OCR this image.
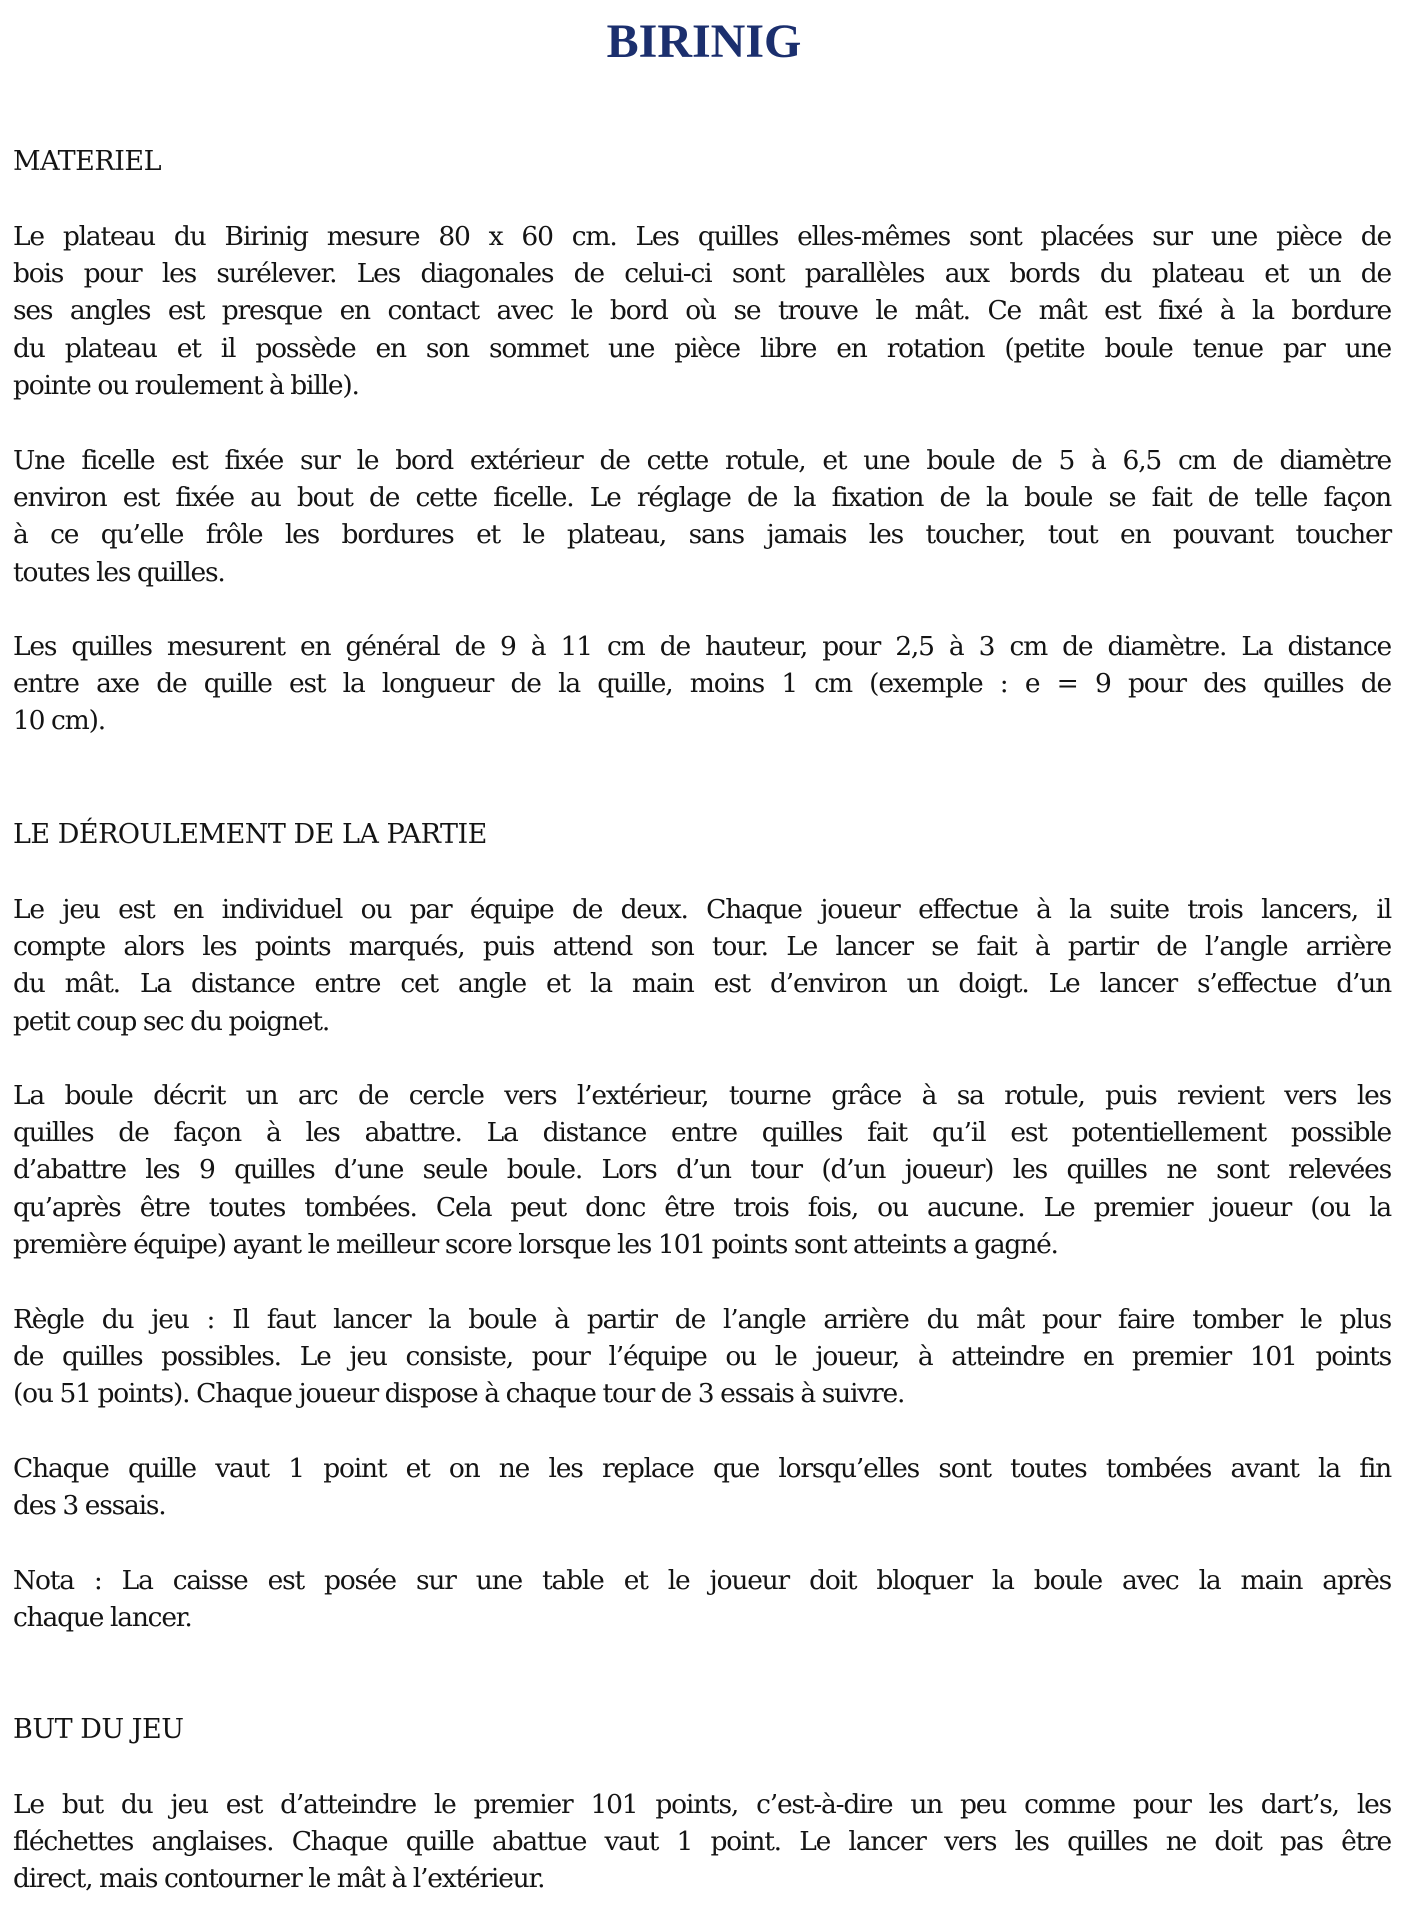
BIRINIG
MATERIEL

Le plateau du Birinig mesure 80 x 60 cm. Les quilles elles-mêmes sont placées sur une pièce de
bois pour les surélever. Les diagonales de celui-ci sont parallèles aux bords du plateau et un de
ses angles est presque en contact avec le bord où se trouve le mât. Ce mât est fixé à la bordure
du plateau et il possède en son sommet une pièce libre en rotation (petite boule tenue par une
pointe ou roulement à bille).

Une ficelle est fixée sur le bord extérieur de cette rotule, et une boule de 5 à 6,5 cm de diamètre
environ est fixée au bout de cette ficelle. Le réglage de la fixation de la boule se fait de telle façon
à ce qu’elle frôle les bordures et le plateau, sans jamais les toucher, tout en pouvant toucher
toutes les quilles.

Les quilles mesurent en général de 9 à 11 cm de hauteur, pour 2,5 à 3 cm de diamètre. La distance
entre axe de quille est la longueur de la quille, moins 1 cm (exemple : e = 9 pour des quilles de
10 cm).

LE DÉROULEMENT DE LA PARTIE

Le jeu est en individuel ou par équipe de deux. Chaque joueur effectue à la suite trois lancers, il
compte alors les points marqués, puis attend son tour. Le lancer se fait à partir de l’angle arrière
du mât. La distance entre cet angle et la main est d’environ un doigt. Le lancer s’effectue d’un
petit coup sec du poignet.

La boule décrit un arc de cercle vers l’extérieur, tourne grâce à sa rotule, puis revient vers les
quilles de façon à les abattre. La distance entre quilles fait qu’il est potentiellement possible
d’abattre les 9 quilles d’une seule boule. Lors d’un tour (d’un joueur) les quilles ne sont relevées
qu’après être toutes tombées. Cela peut donc être trois fois, ou aucune. Le premier joueur (ou la
première équipe) ayant le meilleur score lorsque les 101 points sont atteints a gagné.

Règle du jeu : Il faut lancer la boule à partir de l’angle arrière du mât pour faire tomber le plus
de quilles possibles. Le jeu consiste, pour l’équipe ou le joueur, à atteindre en premier 101 points
(ou 51 points). Chaque joueur dispose à chaque tour de 3 essais à suivre.

Chaque quille vaut 1 point et on ne les replace que lorsqu’elles sont toutes tombées avant la fin
des 3 essais.

Nota : La caisse est posée sur une table et le joueur doit bloquer la boule avec la main après
chaque lancer.

BUT DU JEU

Le but du jeu est d’atteindre le premier 101 points, c’est-à-dire un peu comme pour les dart’s, les
fléchettes anglaises. Chaque quille abattue vaut 1 point. Le lancer vers les quilles ne doit pas être
direct, mais contourner le mât à l’extérieur.
